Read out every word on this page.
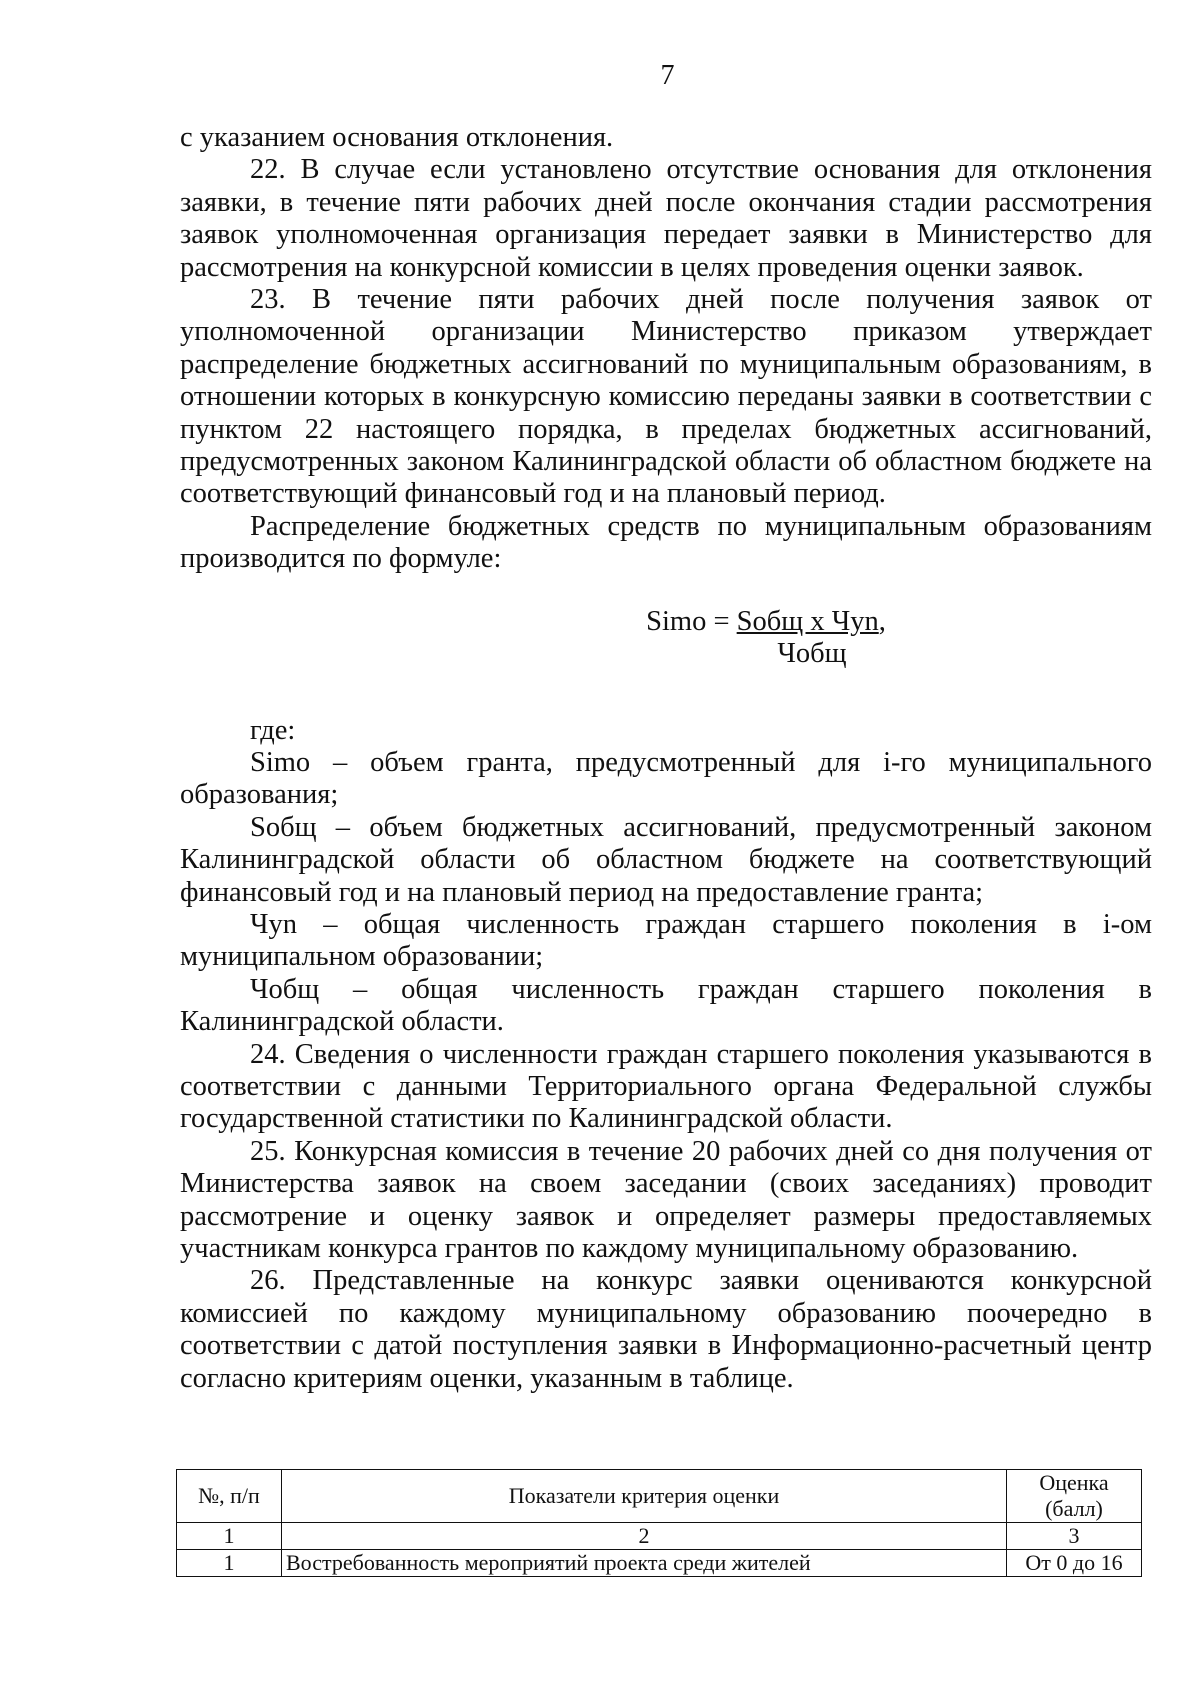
7

с указанием основания отклонения.

22. В случае если установлено отсутствие основания для отклонения заявки, в течение пяти рабочих дней после окончания стадии рассмотрения заявок уполномоченная организация передает заявки в Министерство для рассмотрения на конкурсной комиссии в целях проведения оценки заявок.

23. В течение пяти рабочих дней после получения заявок от уполномоченной организации Министерство приказом утверждает распределение бюджетных ассигнований по муниципальным образованиям, в отношении которых в конкурсную комиссию переданы заявки в соответствии с пунктом 22 настоящего порядка, в пределах бюджетных ассигнований, предусмотренных законом Калининградской области об областном бюджете на соответствующий финансовый год и на плановый период.

Распределение бюджетных средств по муниципальным образованиям производится по формуле:

Simo = Sобщ x Чуn,
Чобщ

где:

Simo – объем гранта, предусмотренный для i-го муниципального образования;

Sобщ – объем бюджетных ассигнований, предусмотренный законом Калининградской области об областном бюджете на соответствующий финансовый год и на плановый период на предоставление гранта;

Чуn – общая численность граждан старшего поколения в i-ом муниципальном образовании;

Чобщ – общая численность граждан старшего поколения в Калининградской области.

24. Сведения о численности граждан старшего поколения указываются в соответствии с данными Территориального органа Федеральной службы государственной статистики по Калининградской области.

25. Конкурсная комиссия в течение 20 рабочих дней со дня получения от Министерства заявок на своем заседании (своих заседаниях) проводит рассмотрение и оценку заявок и определяет размеры предоставляемых участникам конкурса грантов по каждому муниципальному образованию.

26. Представленные на конкурс заявки оцениваются конкурсной комиссией по каждому муниципальному образованию поочередно в соответствии с датой поступления заявки в Информационно-расчетный центр согласно критериям оценки, указанным в таблице.

№, п/п	Показатели критерия оценки	Оценка (балл)
1	2	3
1	Востребованность мероприятий проекта среди жителей	От 0 до 16
